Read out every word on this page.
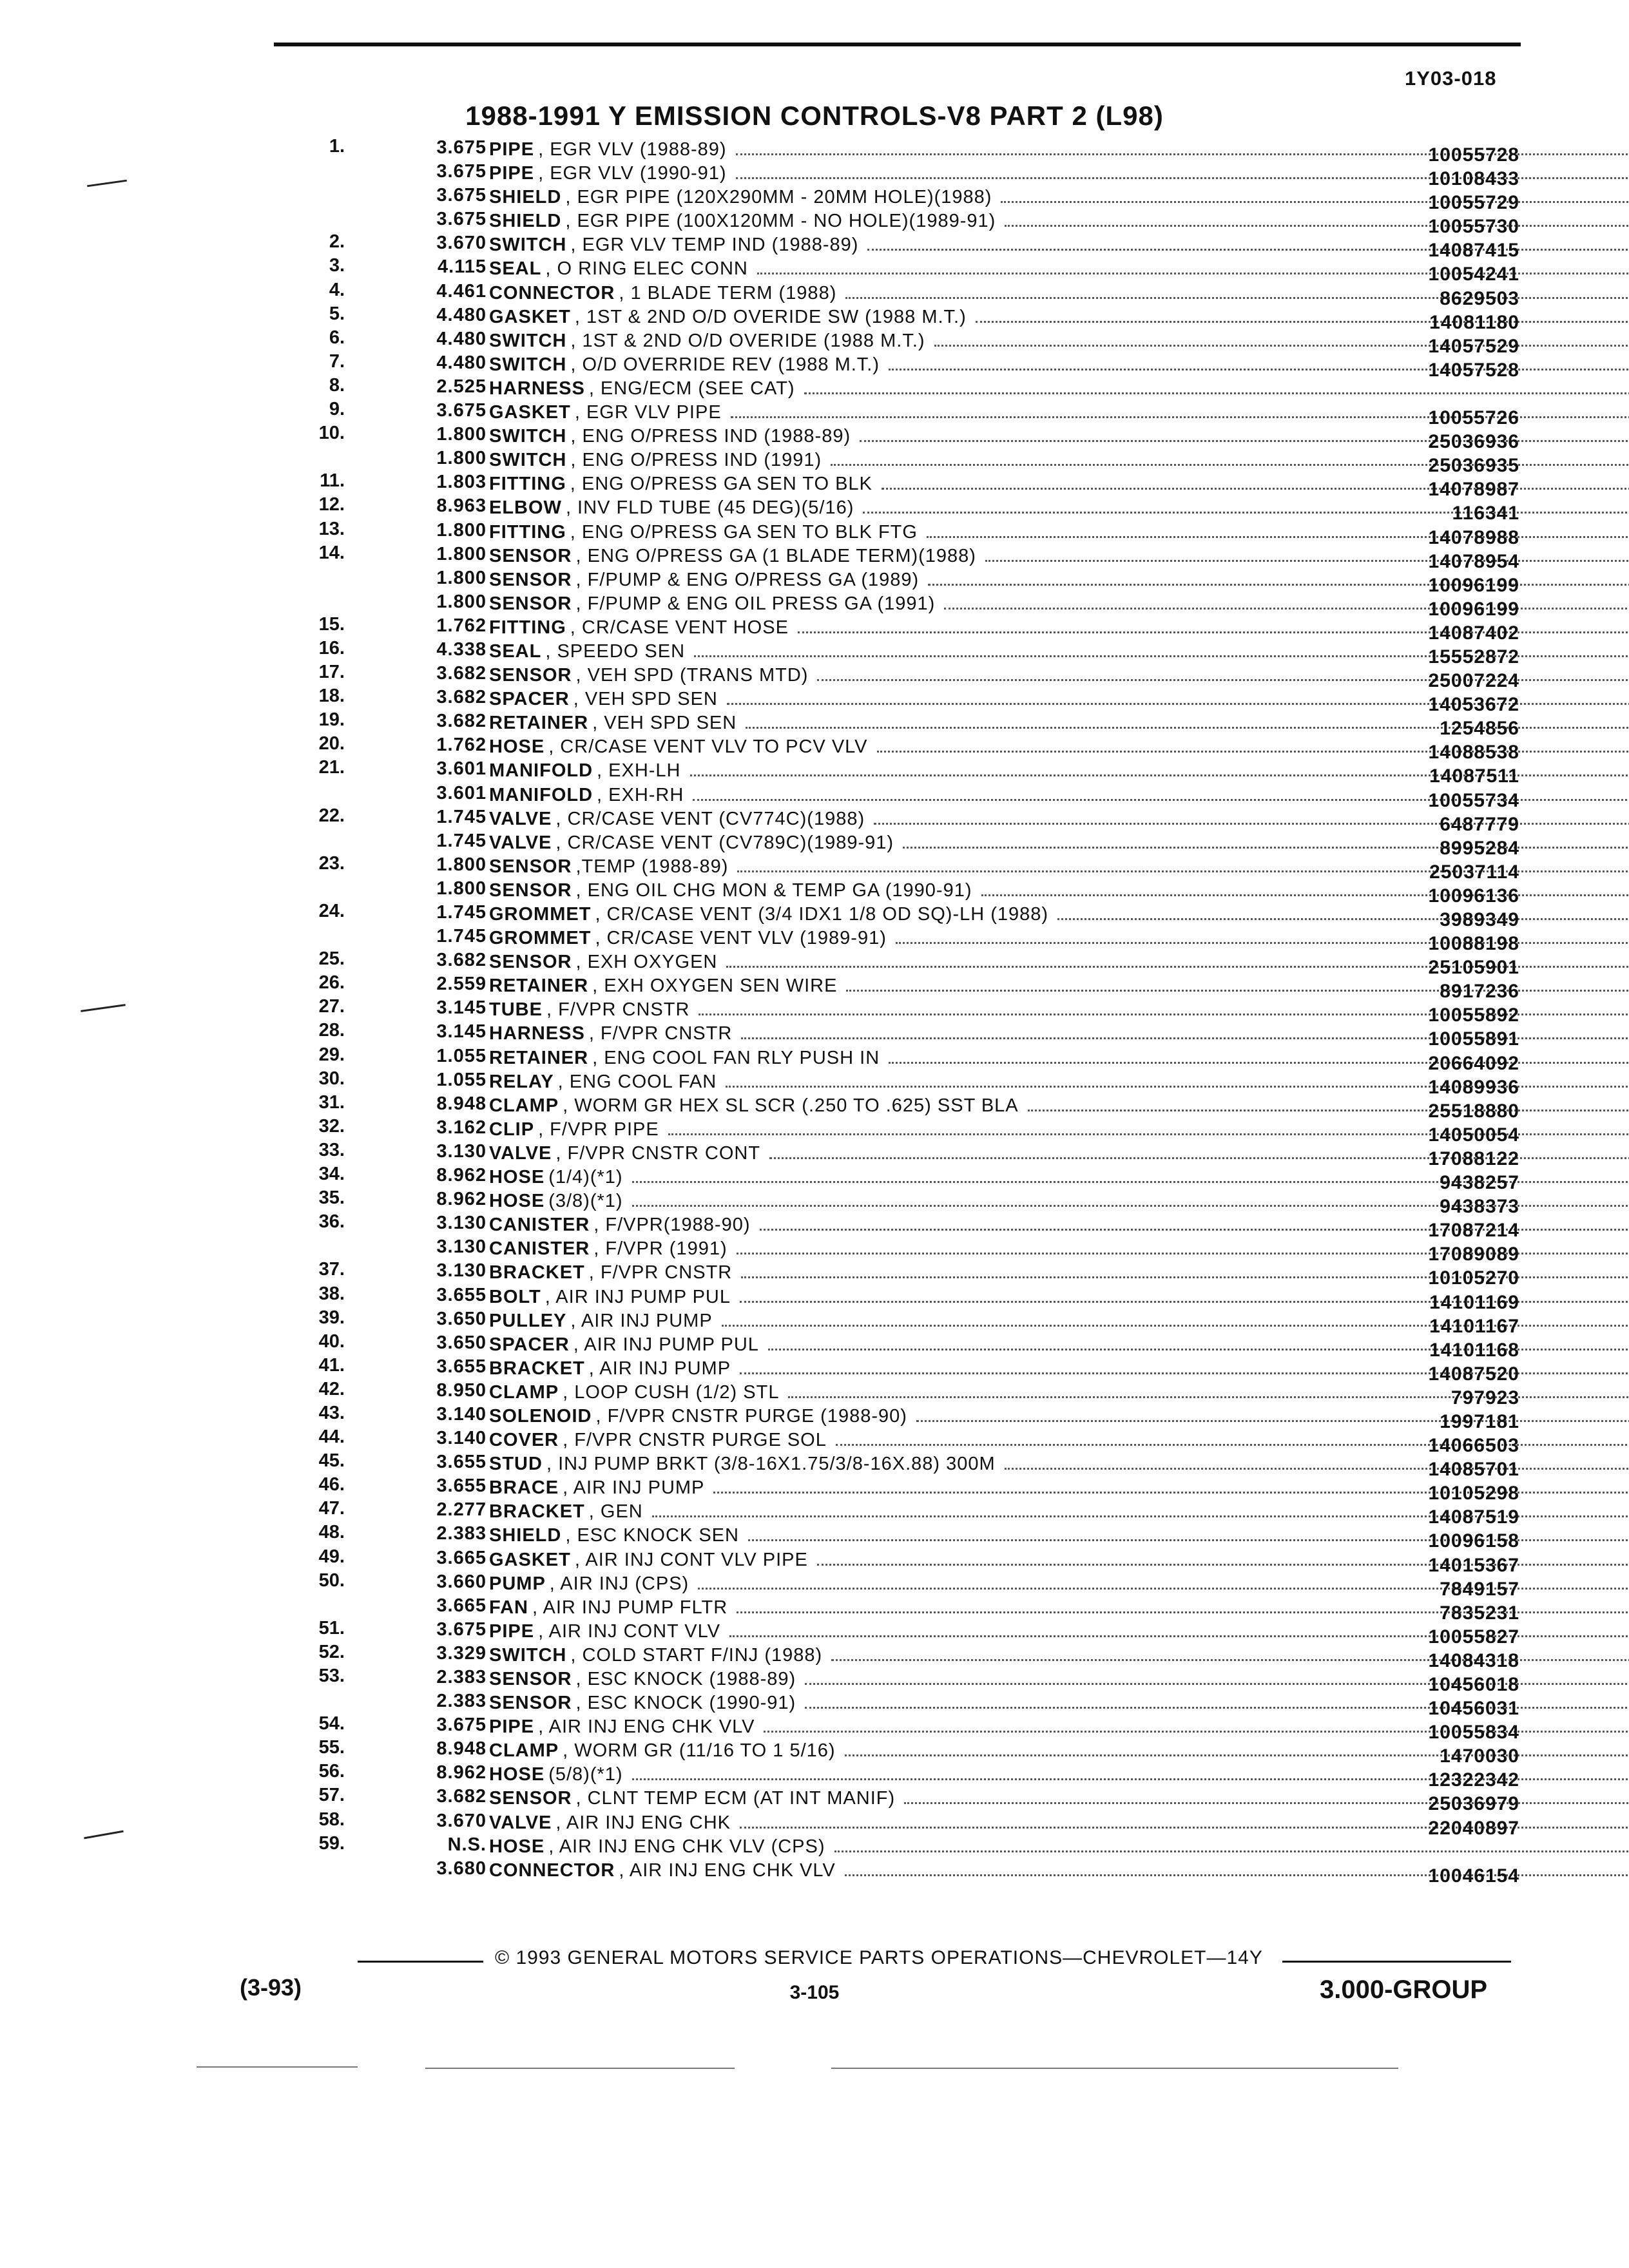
1Y03-018
1988-1991 Y EMISSION CONTROLS-V8 PART 2 (L98)
1.	3.675 PIPE , EGR VLV (1988-89)	10055728
3.675 PIPE , EGR VLV (1990-91)	10108433
3.675 SHIELD , EGR PIPE (120X290MM - 20MM HOLE)(1988)	10055729
3.675 SHIELD , EGR PIPE (100X120MM - NO HOLE)(1989-91)	10055730
2.	3.670 SWITCH , EGR VLV TEMP IND (1988-89)	14087415
3.	4.115 SEAL , O RING ELEC CONN	10054241
4.	4.461 CONNECTOR , 1 BLADE TERM (1988)	8629503
5.	4.480 GASKET , 1ST & 2ND O/D OVERIDE SW (1988 M.T.)	14081180
6.	4.480 SWITCH , 1ST & 2ND O/D OVERIDE (1988 M.T.)	14057529
7.	4.480 SWITCH , O/D OVERRIDE REV (1988 M.T.)	14057528
8.	2.525 HARNESS , ENG/ECM (SEE CAT)
9.	3.675 GASKET , EGR VLV PIPE	10055726
10.	1.800 SWITCH , ENG O/PRESS IND (1988-89)	25036936
1.800 SWITCH , ENG O/PRESS IND (1991)	25036935
11.	1.803 FITTING , ENG O/PRESS GA SEN TO BLK	14078987
12.	8.963 ELBOW , INV FLD TUBE (45 DEG)(5/16)	116341
13.	1.800 FITTING , ENG O/PRESS GA SEN TO BLK FTG	14078988
14.	1.800 SENSOR , ENG O/PRESS GA (1 BLADE TERM)(1988)	14078954
1.800 SENSOR , F/PUMP & ENG O/PRESS GA (1989)	10096199
1.800 SENSOR , F/PUMP & ENG OIL PRESS GA (1991)	10096199
15.	1.762 FITTING , CR/CASE VENT HOSE	14087402
16.	4.338 SEAL , SPEEDO SEN	15552872
17.	3.682 SENSOR , VEH SPD (TRANS MTD)	25007224
18.	3.682 SPACER , VEH SPD SEN	14053672
19.	3.682 RETAINER , VEH SPD SEN	1254856
20.	1.762 HOSE , CR/CASE VENT VLV TO PCV VLV	14088538
21.	3.601 MANIFOLD , EXH-LH	14087511
3.601 MANIFOLD , EXH-RH	10055734
22.	1.745 VALVE , CR/CASE VENT (CV774C)(1988)	6487779
1.745 VALVE , CR/CASE VENT (CV789C)(1989-91)	8995284
23.	1.800 SENSOR ,TEMP (1988-89)	25037114
1.800 SENSOR , ENG OIL CHG MON & TEMP GA (1990-91)	10096136
24.	1.745 GROMMET , CR/CASE VENT (3/4 IDX1 1/8 OD SQ)-LH (1988)	3989349
1.745 GROMMET , CR/CASE VENT VLV (1989-91)	10088198
25.	3.682 SENSOR , EXH OXYGEN	25105901
26.	2.559 RETAINER , EXH OXYGEN SEN WIRE	8917236
27.	3.145 TUBE , F/VPR CNSTR	10055892
28.	3.145 HARNESS , F/VPR CNSTR	10055891
29.	1.055 RETAINER , ENG COOL FAN RLY PUSH IN	20664092
30.	1.055 RELAY , ENG COOL FAN	14089936
31.	8.948 CLAMP , WORM GR HEX SL SCR (.250 TO .625) SST BLA	25518880
32.	3.162 CLIP , F/VPR PIPE	14050054
33.	3.130 VALVE , F/VPR CNSTR CONT	17088122
34.	8.962 HOSE (1/4)(*1)	9438257
35.	8.962 HOSE (3/8)(*1)	9438373
36.	3.130 CANISTER , F/VPR(1988-90)	17087214
3.130 CANISTER , F/VPR (1991)	17089089
37.	3.130 BRACKET , F/VPR CNSTR	10105270
38.	3.655 BOLT , AIR INJ PUMP PUL	14101169
39.	3.650 PULLEY , AIR INJ PUMP	14101167
40.	3.650 SPACER , AIR INJ PUMP PUL	14101168
41.	3.655 BRACKET , AIR INJ PUMP	14087520
42.	8.950 CLAMP , LOOP CUSH (1/2) STL	797923
43.	3.140 SOLENOID , F/VPR CNSTR PURGE (1988-90)	1997181
44.	3.140 COVER , F/VPR CNSTR PURGE SOL	14066503
45.	3.655 STUD , INJ PUMP BRKT (3/8-16X1.75/3/8-16X.88) 300M	14085701
46.	3.655 BRACE , AIR INJ PUMP	10105298
47.	2.277 BRACKET , GEN	14087519
48.	2.383 SHIELD , ESC KNOCK SEN	10096158
49.	3.665 GASKET , AIR INJ CONT VLV PIPE	14015367
50.	3.660 PUMP , AIR INJ (CPS)	7849157
3.665 FAN , AIR INJ PUMP FLTR	7835231
51.	3.675 PIPE , AIR INJ CONT VLV	10055827
52.	3.329 SWITCH , COLD START F/INJ (1988)	14084318
53.	2.383 SENSOR , ESC KNOCK (1988-89)	10456018
2.383 SENSOR , ESC KNOCK (1990-91)	10456031
54.	3.675 PIPE , AIR INJ ENG CHK VLV	10055834
55.	8.948 CLAMP , WORM GR (11/16 TO 1 5/16)	1470030
56.	8.962 HOSE (5/8)(*1)	12322342
57.	3.682 SENSOR , CLNT TEMP ECM (AT INT MANIF)	25036979
58.	3.670 VALVE , AIR INJ ENG CHK	22040897
59.	N.S. HOSE , AIR INJ ENG CHK VLV (CPS)
3.680 CONNECTOR , AIR INJ ENG CHK VLV	10046154
© 1993 GENERAL MOTORS SERVICE PARTS OPERATIONS—CHEVROLET—14Y
(3-93)	3-105	3.000-GROUP
